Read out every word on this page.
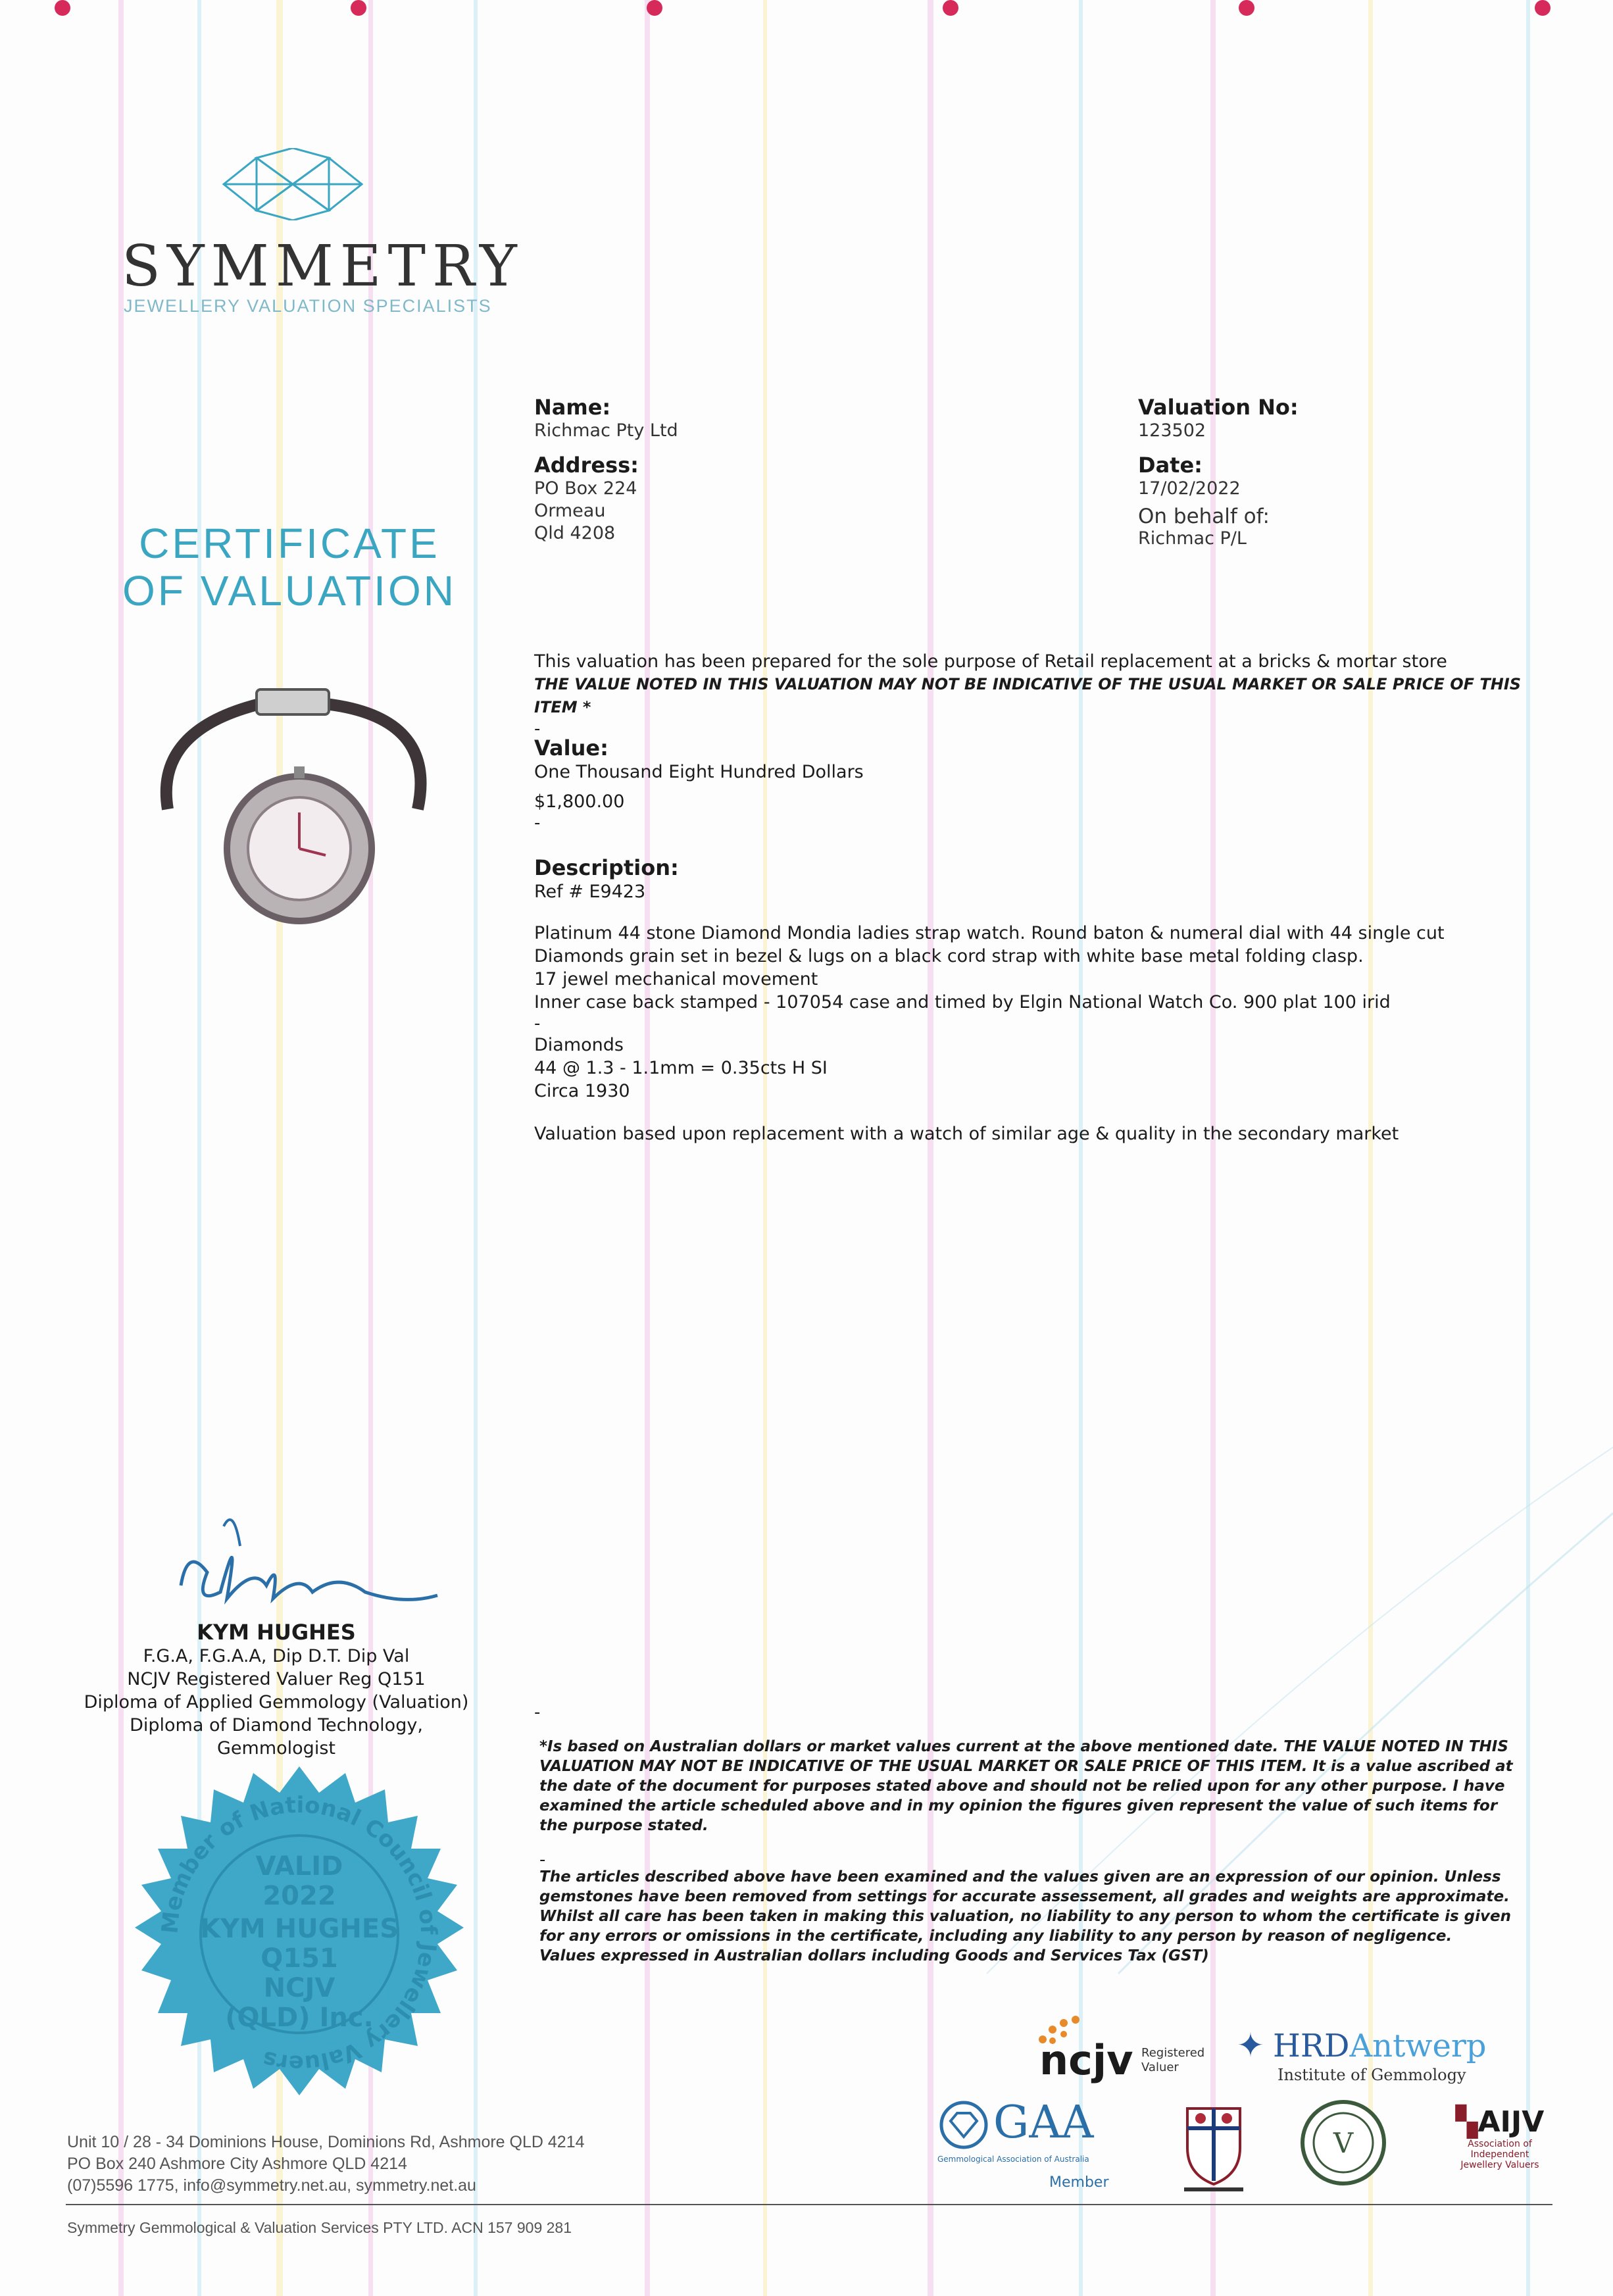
SYMMETRY
JEWELLERY VALUATION SPECIALISTS
CERTIFICATE
OF VALUATION
Name:
Richmac Pty Ltd
Address:
PO Box 224
Ormeau
Qld 4208
Valuation No:
123502
Date:
17/02/2022
On behalf of:
Richmac P/L
This valuation has been prepared for the sole purpose of Retail replacement at a bricks & mortar store
THE VALUE NOTED IN THIS VALUATION MAY NOT BE INDICATIVE OF THE USUAL MARKET OR SALE PRICE OF THIS ITEM *
-
Value:
One Thousand Eight Hundred Dollars
$1,800.00
-
Description:
Ref # E9423
Platinum 44 stone Diamond Mondia ladies strap watch. Round baton & numeral dial with 44 single cut
Diamonds grain set in bezel & lugs on a black cord strap with white base metal folding clasp.
17 jewel mechanical movement
Inner case back stamped - 107054 case and timed by Elgin National Watch Co. 900 plat 100 irid
-
Diamonds
44 @ 1.3 - 1.1mm = 0.35cts H SI
Circa 1930
Valuation based upon replacement with a watch of similar age & quality in the secondary market
KYM HUGHES
F.G.A, F.G.A.A, Dip D.T. Dip Val
NCJV Registered Valuer Reg Q151
Diploma of Applied Gemmology (Valuation)
Diploma of Diamond Technology,
Gemmologist
Member of National Council of Jewellery Valuers
VALID
2022
KYM HUGHES
Q151
NCJV
(QLD) Inc.
-
*Is based on Australian dollars or market values current at the above mentioned date. THE VALUE NOTED IN THIS VALUATION MAY NOT BE INDICATIVE OF THE USUAL MARKET OR SALE PRICE OF THIS ITEM. It is a value ascribed at the date of the document for purposes stated above and should not be relied upon for any other purpose. I have examined the article scheduled above and in my opinion the figures given represent the value of such items for the purpose stated.
-
The articles described above have been examined and the values given are an expression of our opinion. Unless gemstones have been removed from settings for accurate assessement, all grades and weights are approximate. Whilst all care has been taken in making this valuation, no liability to any person to whom the certificate is given for any errors or omissions in the certificate, including any liability to any person by reason of negligence. Values expressed in Australian dollars including Goods and Services Tax (GST)
ncjv Registered
Valuer
✦ HRDAntwerp
Institute of Gemmology
GAA
Gemmological Association of Australia
Member
V
▚AIJV
Association of
Independent
Jewellery Valuers
Unit 10 / 28 - 34 Dominions House, Dominions Rd, Ashmore QLD 4214
PO Box 240 Ashmore City Ashmore QLD 4214
(07)5596 1775, info@symmetry.net.au, symmetry.net.au
Symmetry Gemmological & Valuation Services PTY LTD. ACN 157 909 281
